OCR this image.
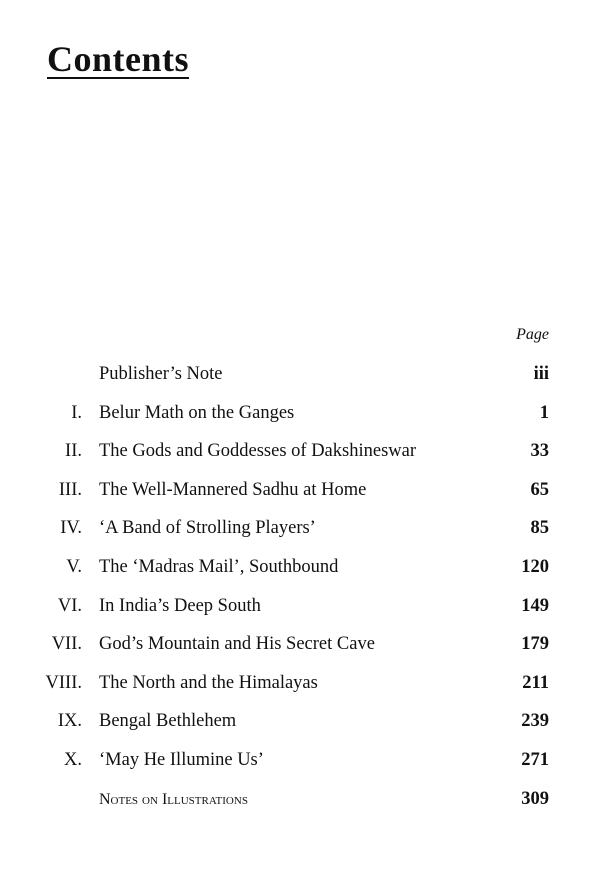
Contents
Page
Publisher’s Note	iii
I. Belur Math on the Ganges	1
II. The Gods and Goddesses of Dakshineswar	33
III. The Well-Mannered Sadhu at Home	65
IV. ‘A Band of Strolling Players’	85
V. The ‘Madras Mail’, Southbound	120
VI. In India’s Deep South	149
VII. God’s Mountain and His Secret Cave	179
VIII. The North and the Himalayas	211
IX. Bengal Bethlehem	239
X. ‘May He Illumine Us’	271
Notes on Illustrations	309
